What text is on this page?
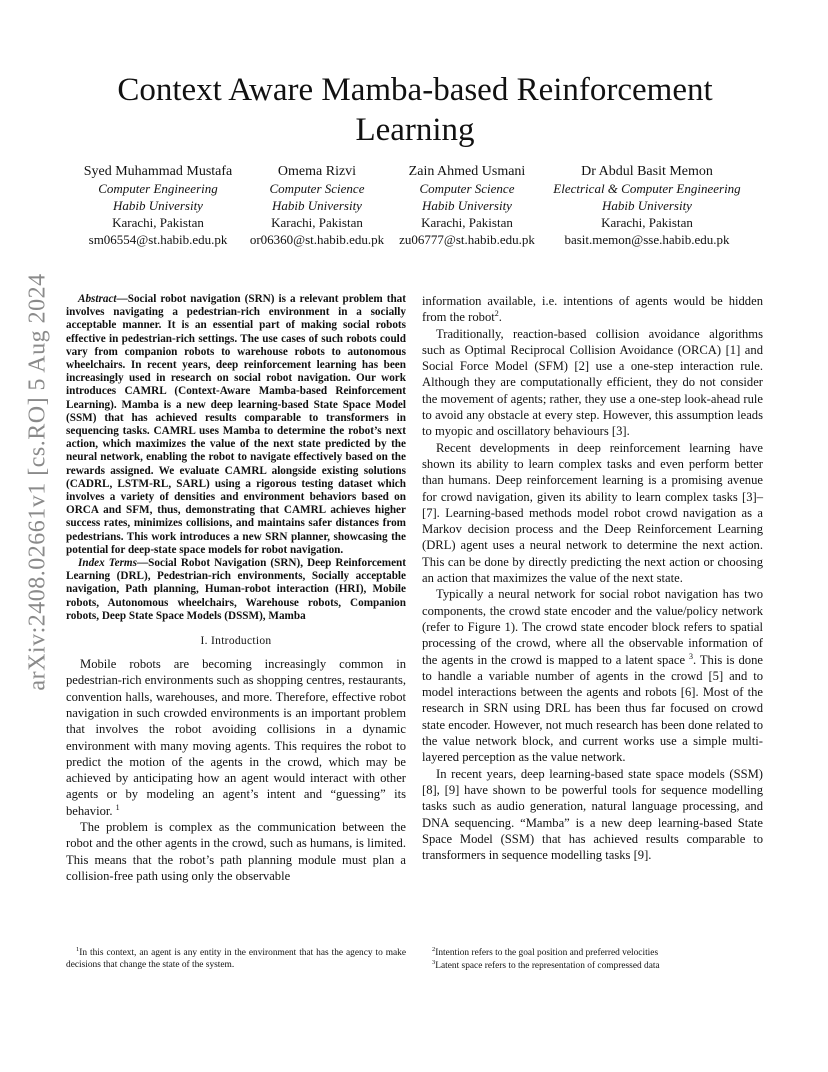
arXiv:2408.02661v1 [cs.RO] 5 Aug 2024
Context Aware Mamba-based Reinforcement Learning
Syed Muhammad Mustafa
Computer Engineering
Habib University
Karachi, Pakistan
sm06554@st.habib.edu.pk
Omema Rizvi
Computer Science
Habib University
Karachi, Pakistan
or06360@st.habib.edu.pk
Zain Ahmed Usmani
Computer Science
Habib University
Karachi, Pakistan
zu06777@st.habib.edu.pk
Dr Abdul Basit Memon
Electrical & Computer Engineering
Habib University
Karachi, Pakistan
basit.memon@sse.habib.edu.pk

Abstract—Social robot navigation (SRN) is a relevant problem that involves navigating a pedestrian-rich environment in a socially acceptable manner. It is an essential part of making social robots effective in pedestrian-rich settings. The use cases of such robots could vary from companion robots to warehouse robots to autonomous wheelchairs. In recent years, deep reinforcement learning has been increasingly used in research on social robot navigation. Our work introduces CAMRL (Context-Aware Mamba-based Reinforcement Learning). Mamba is a new deep learning-based State Space Model (SSM) that has achieved results comparable to transformers in sequencing tasks. CAMRL uses Mamba to determine the robot’s next action, which maximizes the value of the next state predicted by the neural network, enabling the robot to navigate effectively based on the rewards assigned. We evaluate CAMRL alongside existing solutions (CADRL, LSTM-RL, SARL) using a rigorous testing dataset which involves a variety of densities and environment behaviors based on ORCA and SFM, thus, demonstrating that CAMRL achieves higher success rates, minimizes collisions, and maintains safer distances from pedestrians. This work introduces a new SRN planner, showcasing the potential for deep-state space models for robot navigation.

Index Terms—Social Robot Navigation (SRN), Deep Reinforcement Learning (DRL), Pedestrian-rich environments, Socially acceptable navigation, Path planning, Human-robot interaction (HRI), Mobile robots, Autonomous wheelchairs, Warehouse robots, Companion robots, Deep State Space Models (DSSM), Mamba

I. Introduction

Mobile robots are becoming increasingly common in pedestrian-rich environments such as shopping centres, restaurants, convention halls, warehouses, and more. Therefore, effective robot navigation in such crowded environments is an important problem that involves the robot avoiding collisions in a dynamic environment with many moving agents. This requires the robot to predict the motion of the agents in the crowd, which may be achieved by anticipating how an agent would interact with other agents or by modeling an agent’s intent and “guessing” its behavior. $^1$

The problem is complex as the communication between the robot and the other agents in the crowd, such as humans, is limited. This means that the robot’s path planning module must plan a collision-free path using only the observable

information available, i.e. intentions of agents would be hidden from the robot$^2$.

Traditionally, reaction-based collision avoidance algorithms such as Optimal Reciprocal Collision Avoidance (ORCA) [1] and Social Force Model (SFM) [2] use a one-step interaction rule. Although they are computationally efficient, they do not consider the movement of agents; rather, they use a one-step look-ahead rule to avoid any obstacle at every step. However, this assumption leads to myopic and oscillatory behaviours [3].

Recent developments in deep reinforcement learning have shown its ability to learn complex tasks and even perform better than humans. Deep reinforcement learning is a promising avenue for crowd navigation, given its ability to learn complex tasks [3]–[7]. Learning-based methods model robot crowd navigation as a Markov decision process and the Deep Reinforcement Learning (DRL) agent uses a neural network to determine the next action. This can be done by directly predicting the next action or choosing an action that maximizes the value of the next state.

Typically a neural network for social robot navigation has two components, the crowd state encoder and the value/policy network (refer to Figure 1). The crowd state encoder block refers to spatial processing of the crowd, where all the observable information of the agents in the crowd is mapped to a latent space $^3$. This is done to handle a variable number of agents in the crowd [5] and to model interactions between the agents and robots [6]. Most of the research in SRN using DRL has been thus far focused on crowd state encoder. However, not much research has been done related to the value network block, and current works use a simple multi-layered perception as the value network.

In recent years, deep learning-based state space models (SSM) [8], [9] have shown to be powerful tools for sequence modelling tasks such as audio generation, natural language processing, and DNA sequencing. “Mamba” is a new deep learning-based State Space Model (SSM) that has achieved results comparable to transformers in sequence modelling tasks [9].

$^1$In this context, an agent is any entity in the environment that has the agency to make decisions that change the state of the system.
$^2$Intention refers to the goal position and preferred velocities
$^3$Latent space refers to the representation of compressed data
